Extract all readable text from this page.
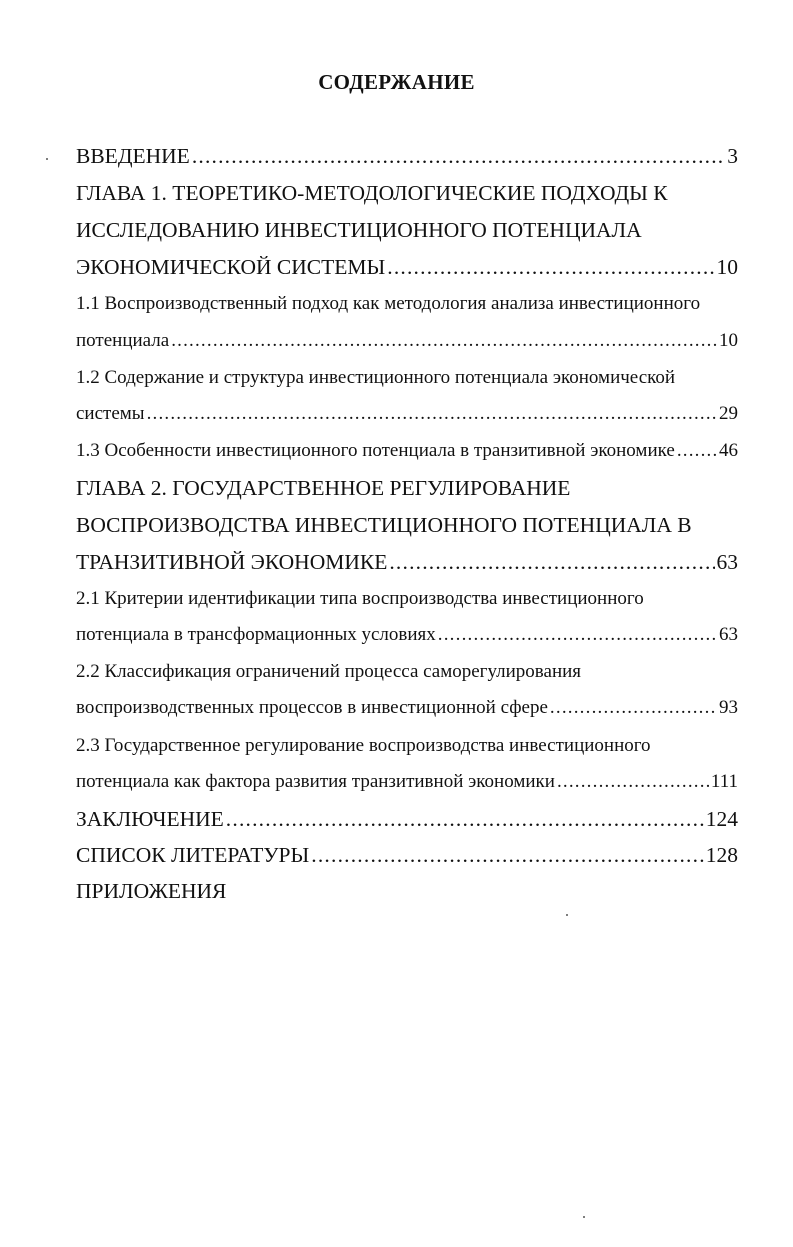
СОДЕРЖАНИЕ
ВВЕДЕНИЕ .....	3
ГЛАВА 1. ТЕОРЕТИКО-МЕТОДОЛОГИЧЕСКИЕ ПОДХОДЫ К
ИССЛЕДОВАНИЮ ИНВЕСТИЦИОННОГО ПОТЕНЦИАЛА
ЭКОНОМИЧЕСКОЙ СИСТЕМЫ .....	10
1.1 Воспроизводственный подход как методология анализа инвестиционного
потенциала .....	10
1.2 Содержание и структура инвестиционного потенциала экономической
системы .....	29
1.3 Особенности инвестиционного потенциала в транзитивной экономике ..... 46
ГЛАВА 2. ГОСУДАРСТВЕННОЕ РЕГУЛИРОВАНИЕ
ВОСПРОИЗВОДСТВА ИНВЕСТИЦИОННОГО ПОТЕНЦИАЛА В
ТРАНЗИТИВНОЙ ЭКОНОМИКЕ .....	63
2.1 Критерии идентификации типа воспроизводства инвестиционного
потенциала в трансформационных условиях .....	63
2.2 Классификация ограничений процесса саморегулирования
воспроизводственных процессов в инвестиционной сфере .....	93
2.3 Государственное регулирование воспроизводства инвестиционного
потенциала как фактора развития транзитивной экономики .....	111
ЗАКЛЮЧЕНИЕ .....	124
СПИСОК ЛИТЕРАТУРЫ .....	128
ПРИЛОЖЕНИЯ
